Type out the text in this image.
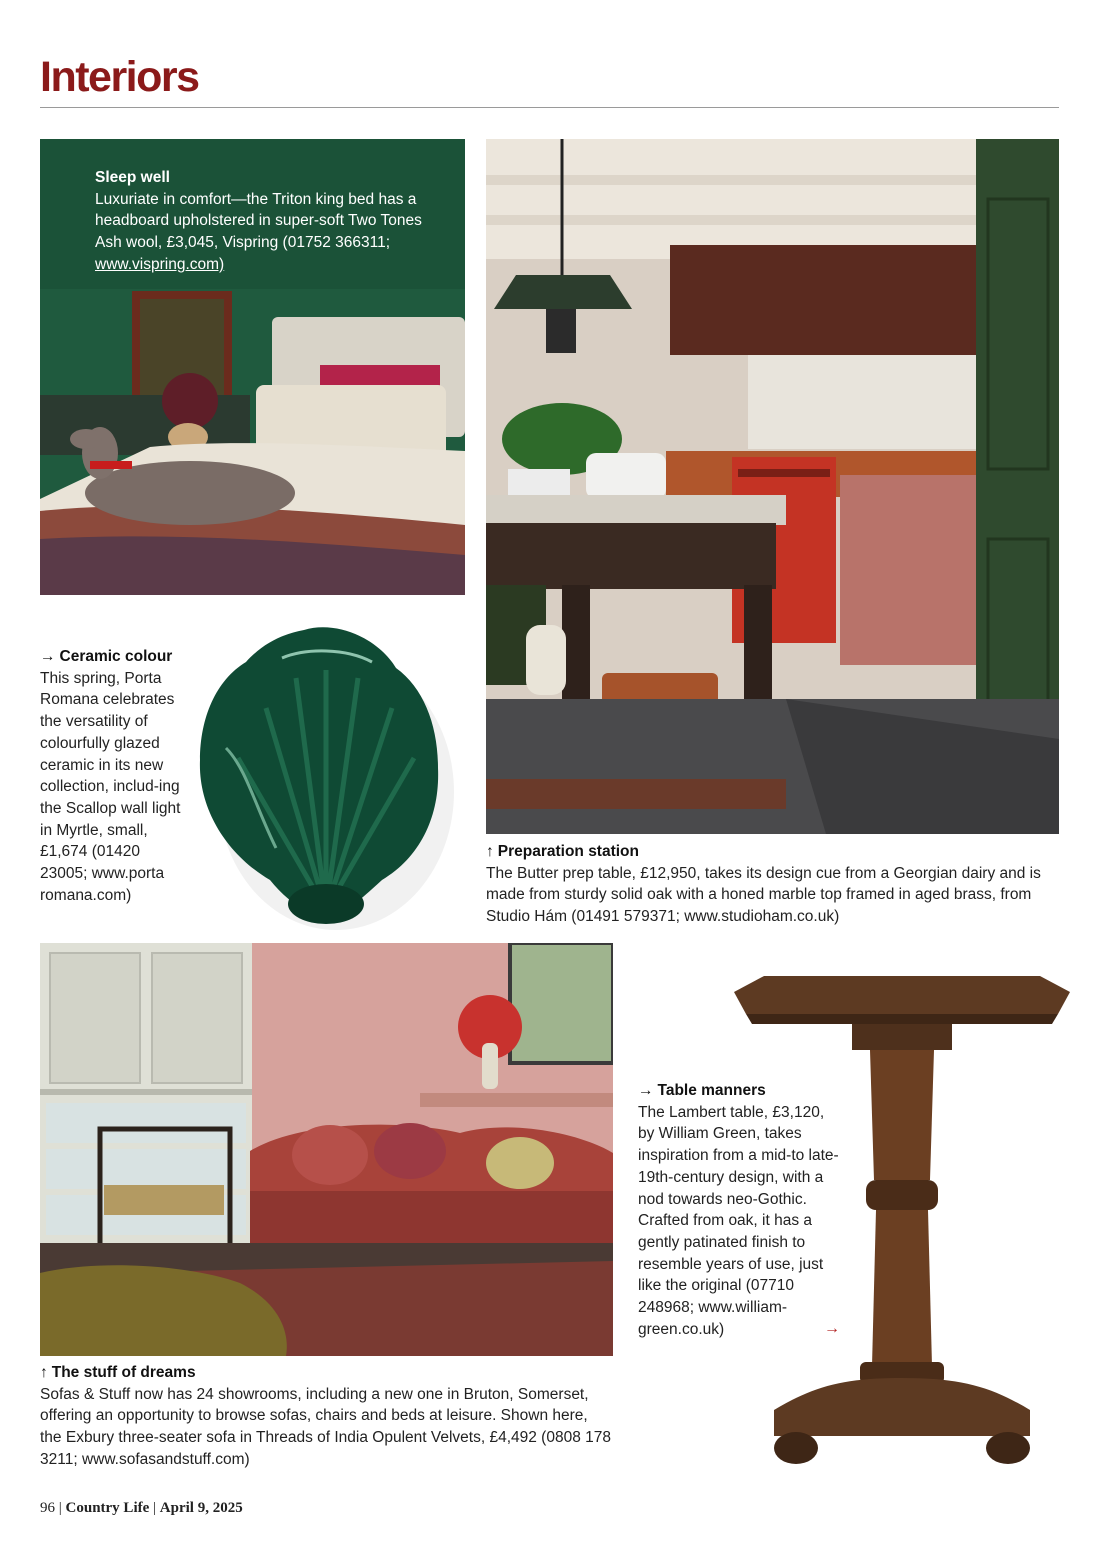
Interiors
Sleep well
Luxuriate in comfort—the Triton king bed has a headboard upholstered in super-soft Two Tones Ash wool, £3,045, Vispring (01752 366311; www.vispring.com)
→ Ceramic colour
This spring, Porta Romana celebrates the versatility of colourfully glazed ceramic in its new collection, includ-ing the Scallop wall light in Myrtle, small, £1,674 (01420 23005; www.porta romana.com)
↑ Preparation station
The Butter prep table, £12,950, takes its design cue from a Georgian dairy and is made from sturdy solid oak with a honed marble top framed in aged brass, from Studio Hám (01491 579371; www.studioham.co.uk)
↑ The stuff of dreams
Sofas & Stuff now has 24 showrooms, including a new one in Bruton, Somerset, offering an opportunity to browse sofas, chairs and beds at leisure. Shown here, the Exbury three-seater sofa in Threads of India Opulent Velvets, £4,492 (0808 178 3211; www.sofasandstuff.com)
→ Table manners
The Lambert table, £3,120, by William Green, takes inspiration from a mid-to late-19th-century design, with a nod towards neo-Gothic. Crafted from oak, it has a gently patinated finish to resemble years of use, just like the original (07710 248968; www.william-green.co.uk)	→
96 | Country Life | April 9, 2025
